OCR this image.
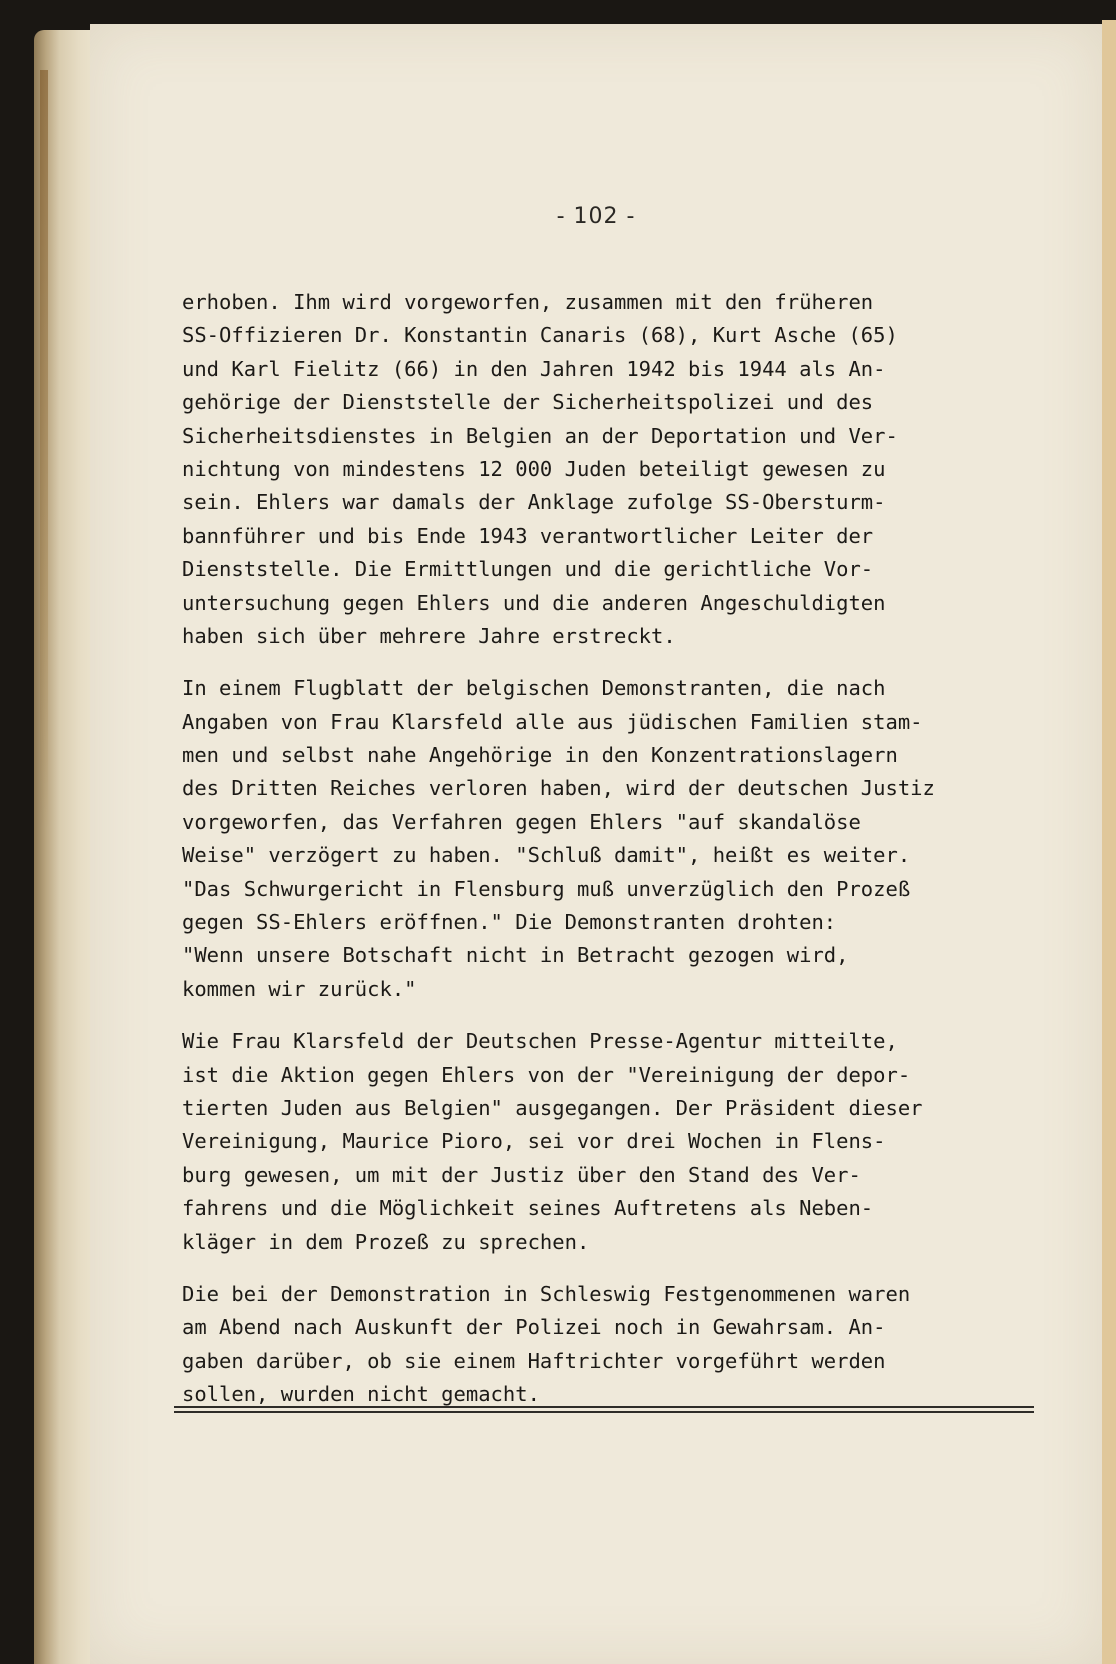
- 102 -
erhoben. Ihm wird vorgeworfen, zusammen mit den früheren
SS-Offizieren Dr. Konstantin Canaris (68), Kurt Asche (65)
und Karl Fielitz (66) in den Jahren 1942 bis 1944 als An-
gehörige der Dienststelle der Sicherheitspolizei und des
Sicherheitsdienstes in Belgien an der Deportation und Ver-
nichtung von mindestens 12 000 Juden beteiligt gewesen zu
sein. Ehlers war damals der Anklage zufolge SS-Obersturm-
bannführer und bis Ende 1943 verantwortlicher Leiter der
Dienststelle. Die Ermittlungen und die gerichtliche Vor-
untersuchung gegen Ehlers und die anderen Angeschuldigten
haben sich über mehrere Jahre erstreckt.
In einem Flugblatt der belgischen Demonstranten, die nach
Angaben von Frau Klarsfeld alle aus jüdischen Familien stam-
men und selbst nahe Angehörige in den Konzentrationslagern
des Dritten Reiches verloren haben, wird der deutschen Justiz
vorgeworfen, das Verfahren gegen Ehlers "auf skandalöse
Weise" verzögert zu haben. "Schluß damit", heißt es weiter.
"Das Schwurgericht in Flensburg muß unverzüglich den Prozeß
gegen SS-Ehlers eröffnen." Die Demonstranten drohten:
"Wenn unsere Botschaft nicht in Betracht gezogen wird,
kommen wir zurück."
Wie Frau Klarsfeld der Deutschen Presse-Agentur mitteilte,
ist die Aktion gegen Ehlers von der "Vereinigung der depor-
tierten Juden aus Belgien" ausgegangen. Der Präsident dieser
Vereinigung, Maurice Pioro, sei vor drei Wochen in Flens-
burg gewesen, um mit der Justiz über den Stand des Ver-
fahrens und die Möglichkeit seines Auftretens als Neben-
kläger in dem Prozeß zu sprechen.
Die bei der Demonstration in Schleswig Festgenommenen waren
am Abend nach Auskunft der Polizei noch in Gewahrsam. An-
gaben darüber, ob sie einem Haftrichter vorgeführt werden
sollen, wurden nicht gemacht.
